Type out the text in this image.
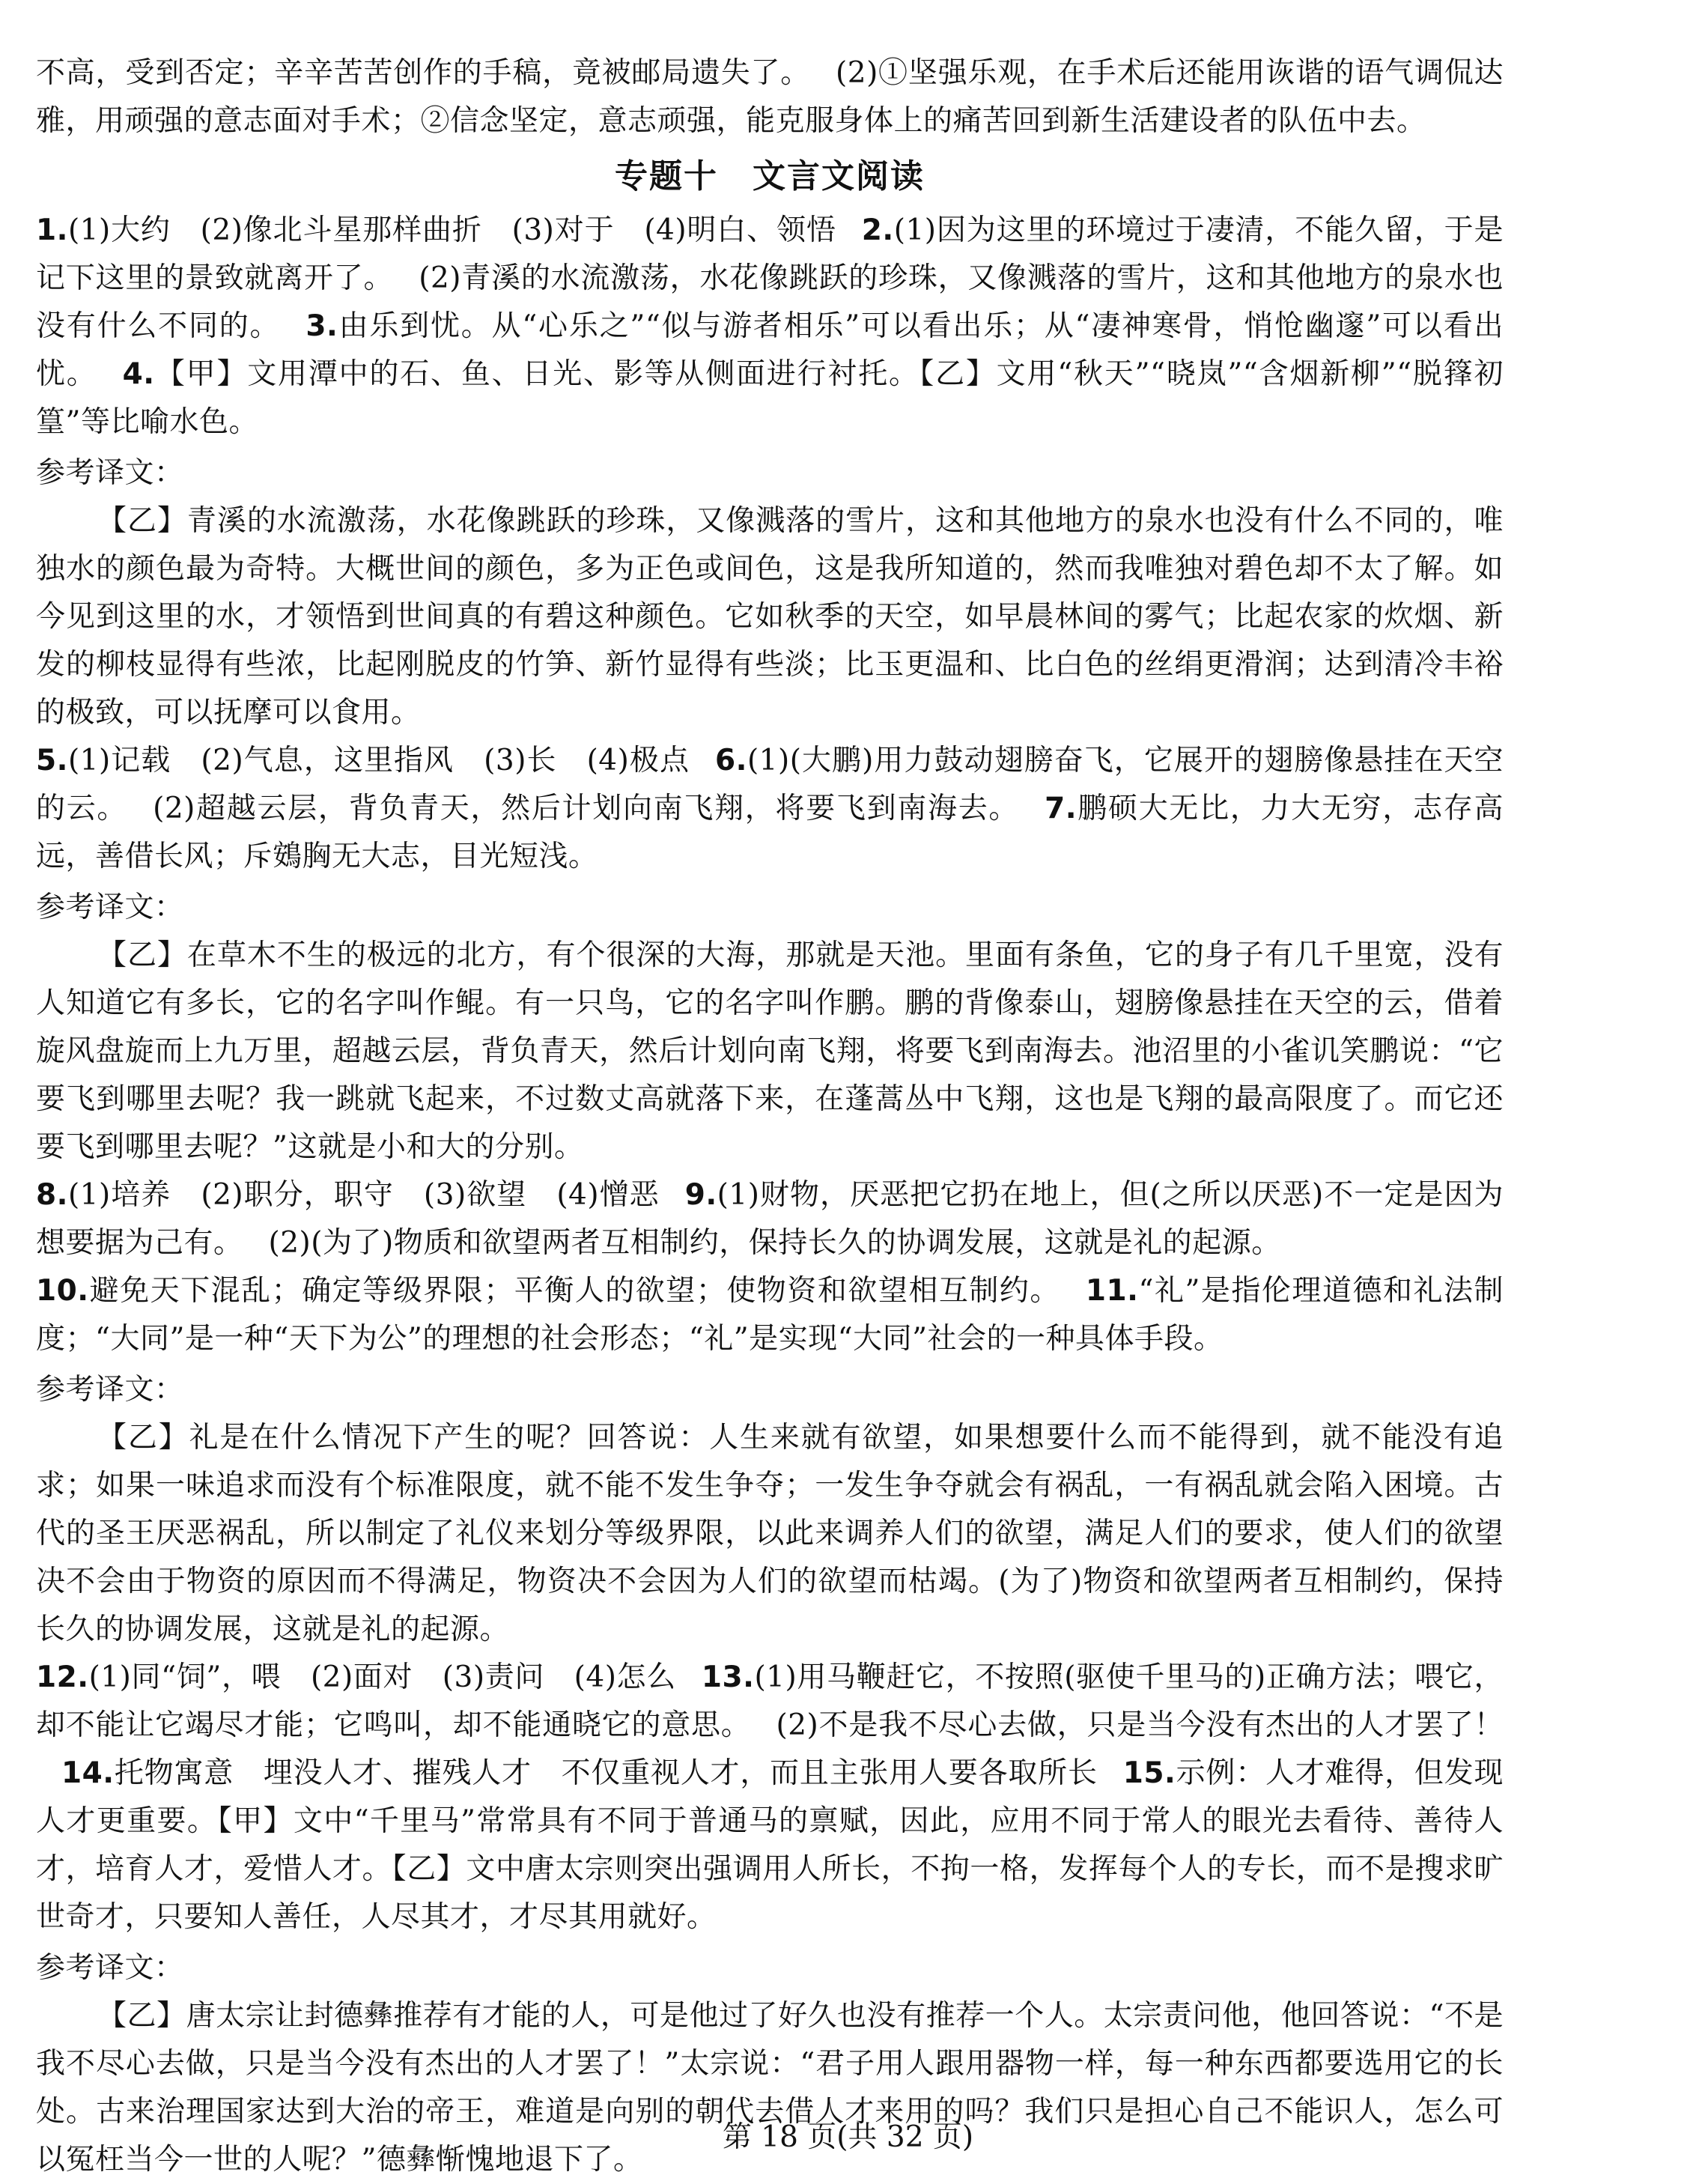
不高，受到否定；辛辛苦苦创作的手稿，竟被邮局遗失了。 (2)①坚强乐观，在手术后还能用诙谐的语气调侃达雅，用顽强的意志面对手术；②信念坚定，意志顽强，能克服身体上的痛苦回到新生活建设者的队伍中去。

专题十　文言文阅读

1.(1)大约　(2)像北斗星那样曲折　(3)对于　(4)明白、领悟 2.(1)因为这里的环境过于凄清，不能久留，于是记下这里的景致就离开了。 (2)青溪的水流激荡，水花像跳跃的珍珠，又像溅落的雪片，这和其他地方的泉水也没有什么不同的。 3.由乐到忧。从“心乐之”“似与游者相乐”可以看出乐；从“凄神寒骨，悄怆幽邃”可以看出忧。 4.【甲】文用潭中的石、鱼、日光、影等从侧面进行衬托。【乙】文用“秋天”“晓岚”“含烟新柳”“脱箨初篁”等比喻水色。

参考译文：

【乙】青溪的水流激荡，水花像跳跃的珍珠，又像溅落的雪片，这和其他地方的泉水也没有什么不同的，唯独水的颜色最为奇特。大概世间的颜色，多为正色或间色，这是我所知道的，然而我唯独对碧色却不太了解。如今见到这里的水，才领悟到世间真的有碧这种颜色。它如秋季的天空，如早晨林间的雾气；比起农家的炊烟、新发的柳枝显得有些浓，比起刚脱皮的竹笋、新竹显得有些淡；比玉更温和、比白色的丝绢更滑润；达到清冷丰裕的极致，可以抚摩可以食用。

5.(1)记载　(2)气息，这里指风　(3)长　(4)极点 6.(1)(大鹏)用力鼓动翅膀奋飞，它展开的翅膀像悬挂在天空的云。 (2)超越云层，背负青天，然后计划向南飞翔，将要飞到南海去。 7.鹏硕大无比，力大无穷，志存高远，善借长风；斥鴳胸无大志，目光短浅。

参考译文：

【乙】在草木不生的极远的北方，有个很深的大海，那就是天池。里面有条鱼，它的身子有几千里宽，没有人知道它有多长，它的名字叫作鲲。有一只鸟，它的名字叫作鹏。鹏的背像泰山，翅膀像悬挂在天空的云，借着旋风盘旋而上九万里，超越云层，背负青天，然后计划向南飞翔，将要飞到南海去。池沼里的小雀讥笑鹏说：“它要飞到哪里去呢？我一跳就飞起来，不过数丈高就落下来，在蓬蒿丛中飞翔，这也是飞翔的最高限度了。而它还要飞到哪里去呢？”这就是小和大的分别。

8.(1)培养　(2)职分，职守　(3)欲望　(4)憎恶 9.(1)财物，厌恶把它扔在地上，但(之所以厌恶)不一定是因为想要据为己有。 (2)(为了)物质和欲望两者互相制约，保持长久的协调发展，这就是礼的起源。
10.避免天下混乱；确定等级界限；平衡人的欲望；使物资和欲望相互制约。 11.“礼”是指伦理道德和礼法制度；“大同”是一种“天下为公”的理想的社会形态；“礼”是实现“大同”社会的一种具体手段。

参考译文：

【乙】礼是在什么情况下产生的呢？回答说：人生来就有欲望，如果想要什么而不能得到，就不能没有追求；如果一味追求而没有个标准限度，就不能不发生争夺；一发生争夺就会有祸乱，一有祸乱就会陷入困境。古代的圣王厌恶祸乱，所以制定了礼仪来划分等级界限，以此来调养人们的欲望，满足人们的要求，使人们的欲望决不会由于物资的原因而不得满足，物资决不会因为人们的欲望而枯竭。(为了)物资和欲望两者互相制约，保持长久的协调发展，这就是礼的起源。

12.(1)同“饲”，喂　(2)面对　(3)责问　(4)怎么 13.(1)用马鞭赶它，不按照(驱使千里马的)正确方法；喂它，却不能让它竭尽才能；它鸣叫，却不能通晓它的意思。 (2)不是我不尽心去做，只是当今没有杰出的人才罢了！14.托物寓意　埋没人才、摧残人才　不仅重视人才，而且主张用人要各取所长 15.示例：人才难得，但发现人才更重要。【甲】文中“千里马”常常具有不同于普通马的禀赋，因此，应用不同于常人的眼光去看待、善待人才，培育人才，爱惜人才。【乙】文中唐太宗则突出强调用人所长，不拘一格，发挥每个人的专长，而不是搜求旷世奇才，只要知人善任，人尽其才，才尽其用就好。

参考译文：

【乙】唐太宗让封德彝推荐有才能的人，可是他过了好久也没有推荐一个人。太宗责问他，他回答说：“不是我不尽心去做，只是当今没有杰出的人才罢了！”太宗说：“君子用人跟用器物一样，每一种东西都要选用它的长处。古来治理国家达到大治的帝王，难道是向别的朝代去借人才来用的吗？我们只是担心自己不能识人，怎么可以冤枉当今一世的人呢？”德彝惭愧地退下了。

第 18 页(共 32 页)
